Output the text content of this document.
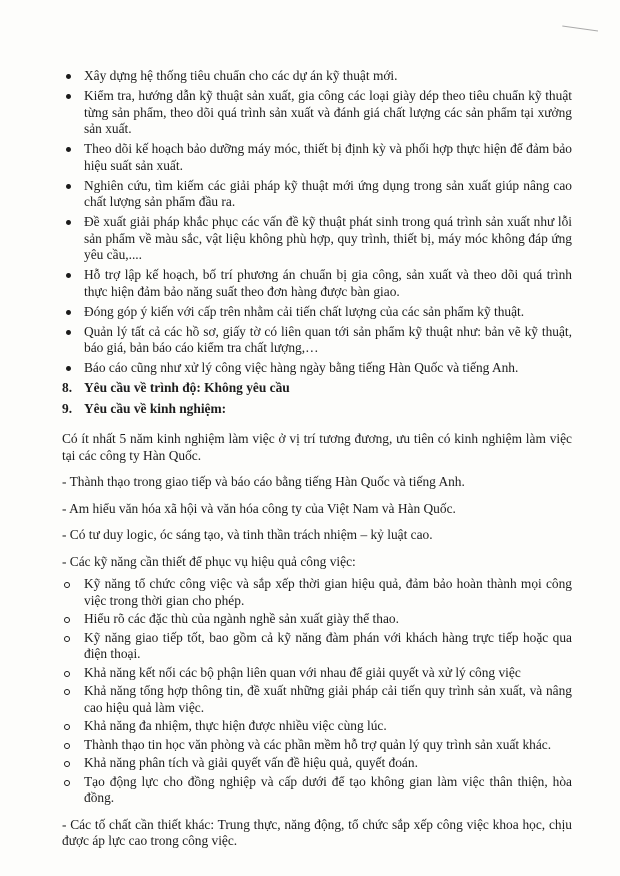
Xây dựng hệ thống tiêu chuẩn cho các dự án kỹ thuật mới.
Kiểm tra, hướng dẫn kỹ thuật sản xuất, gia công các loại giày dép theo tiêu chuẩn kỹ thuật từng sản phẩm, theo dõi quá trình sản xuất và đánh giá chất lượng các sản phẩm tại xưởng sản xuất.
Theo dõi kế hoạch bảo dưỡng máy móc, thiết bị định kỳ và phối hợp thực hiện để đảm bảo hiệu suất sản xuất.
Nghiên cứu, tìm kiếm các giải pháp kỹ thuật mới ứng dụng trong sản xuất giúp nâng cao chất lượng sản phẩm đầu ra.
Đề xuất giải pháp khắc phục các vấn đề kỹ thuật phát sinh trong quá trình sản xuất như lỗi sản phẩm về màu sắc, vật liệu không phù hợp, quy trình, thiết bị, máy móc không đáp ứng yêu cầu,....
Hỗ trợ lập kế hoạch, bố trí phương án chuẩn bị gia công, sản xuất và theo dõi quá trình thực hiện đảm bảo năng suất theo đơn hàng được bàn giao.
Đóng góp ý kiến với cấp trên nhằm cải tiến chất lượng của các sản phẩm kỹ thuật.
Quản lý tất cả các hồ sơ, giấy tờ có liên quan tới sản phẩm kỹ thuật như: bản vẽ kỹ thuật, báo giá, bản báo cáo kiểm tra chất lượng,…
Báo cáo cũng như xử lý công việc hàng ngày bằng tiếng Hàn Quốc và tiếng Anh.
8. Yêu cầu về trình độ: Không yêu cầu
9. Yêu cầu về kinh nghiệm:

Có ít nhất 5 năm kinh nghiệm làm việc ở vị trí tương đương, ưu tiên có kinh nghiệm làm việc tại các công ty Hàn Quốc.

- Thành thạo trong giao tiếp và báo cáo bằng tiếng Hàn Quốc và tiếng Anh.

- Am hiểu văn hóa xã hội và văn hóa công ty của Việt Nam và Hàn Quốc.

- Có tư duy logic, óc sáng tạo, và tinh thần trách nhiệm – kỷ luật cao.

- Các kỹ năng cần thiết để phục vụ hiệu quả công việc:

Kỹ năng tổ chức công việc và sắp xếp thời gian hiệu quả, đảm bảo hoàn thành mọi công việc trong thời gian cho phép.
Hiểu rõ các đặc thù của ngành nghề sản xuất giày thể thao.
Kỹ năng giao tiếp tốt, bao gồm cả kỹ năng đàm phán với khách hàng trực tiếp hoặc qua điện thoại.
Khả năng kết nối các bộ phận liên quan với nhau để giải quyết và xử lý công việc
Khả năng tổng hợp thông tin, đề xuất những giải pháp cải tiến quy trình sản xuất, và nâng cao hiệu quả làm việc.
Khả năng đa nhiệm, thực hiện được nhiều việc cùng lúc.
Thành thạo tin học văn phòng và các phần mềm hỗ trợ quản lý quy trình sản xuất khác.
Khả năng phân tích và giải quyết vấn đề hiệu quả, quyết đoán.
Tạo động lực cho đồng nghiệp và cấp dưới để tạo không gian làm việc thân thiện, hòa đồng.

- Các tố chất cần thiết khác: Trung thực, năng động, tổ chức sắp xếp công việc khoa học, chịu được áp lực cao trong công việc.
